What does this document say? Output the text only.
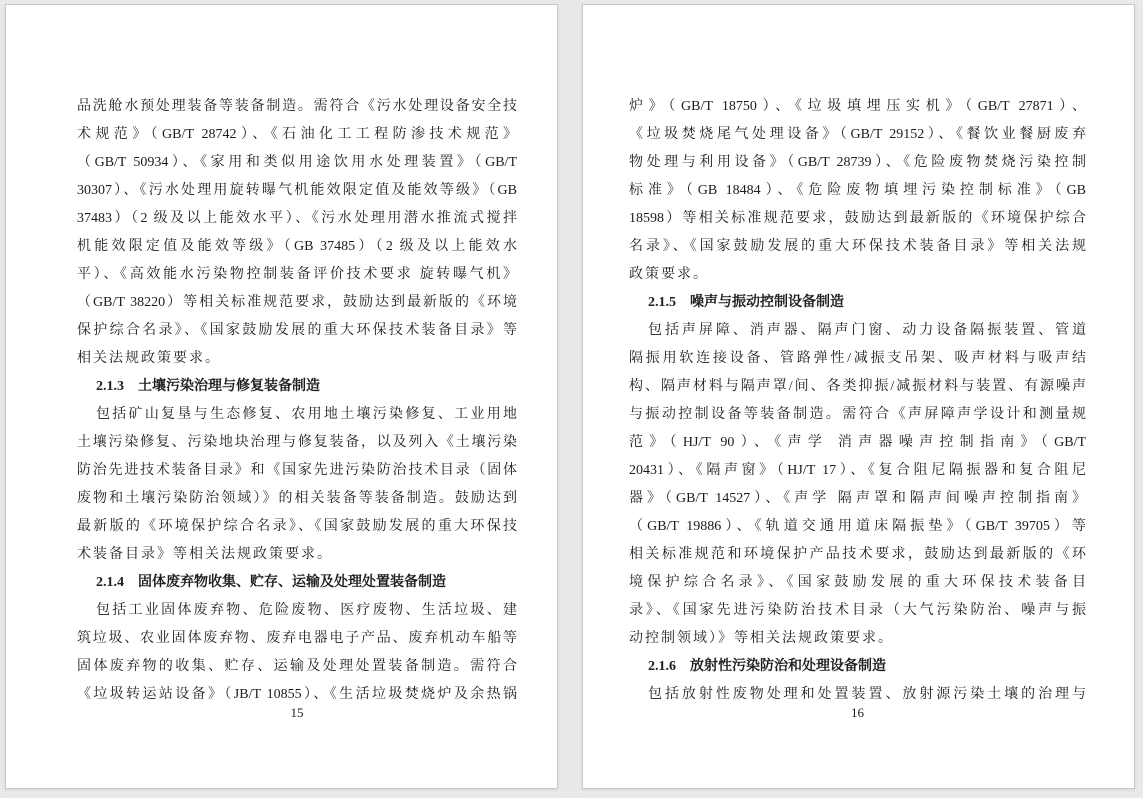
品洗舱水预处理装备等装备制造。需符合《污水处理设备安全技
术规范》（GB/T 28742）、《石油化工工程防渗技术规范》
（GB/T 50934）、《家用和类似用途饮用水处理装置》（GB/T
30307）、《污水处理用旋转曝气机能效限定值及能效等级》（GB
37483）（2 级及以上能效水平）、《污水处理用潜水推流式搅拌
机能效限定值及能效等级》（GB 37485）（2 级及以上能效水
平）、《高效能水污染物控制装备评价技术要求 旋转曝气机》
（GB/T 38220）等相关标准规范要求，鼓励达到最新版的《环境
保护综合名录》、《国家鼓励发展的重大环保技术装备目录》等
相关法规政策要求。
2.1.3 土壤污染治理与修复装备制造
包括矿山复垦与生态修复、农用地土壤污染修复、工业用地
土壤污染修复、污染地块治理与修复装备，以及列入《土壤污染
防治先进技术装备目录》和《国家先进污染防治技术目录（固体
废物和土壤污染防治领域）》的相关装备等装备制造。鼓励达到
最新版的《环境保护综合名录》、《国家鼓励发展的重大环保技
术装备目录》等相关法规政策要求。
2.1.4 固体废弃物收集、贮存、运输及处理处置装备制造
包括工业固体废弃物、危险废物、医疗废物、生活垃圾、建
筑垃圾、农业固体废弃物、废弃电器电子产品、废弃机动车船等
固体废弃物的收集、贮存、运输及处理处置装备制造。需符合
《垃圾转运站设备》（JB/T 10855）、《生活垃圾焚烧炉及余热锅
15
炉》（GB/T 18750）、《垃圾填埋压实机》（GB/T 27871）、
《垃圾焚烧尾气处理设备》（GB/T 29152）、《餐饮业餐厨废弃
物处理与利用设备》（GB/T 28739）、《危险废物焚烧污染控制
标准》（GB 18484）、《危险废物填埋污染控制标准》（GB
18598）等相关标准规范要求，鼓励达到最新版的《环境保护综合
名录》、《国家鼓励发展的重大环保技术装备目录》等相关法规
政策要求。
2.1.5 噪声与振动控制设备制造
包括声屏障、消声器、隔声门窗、动力设备隔振装置、管道
隔振用软连接设备、管路弹性/减振支吊架、吸声材料与吸声结
构、隔声材料与隔声罩/间、各类抑振/减振材料与装置、有源噪声
与振动控制设备等装备制造。需符合《声屏障声学设计和测量规
范》（HJ/T 90）、《声学 消声器噪声控制指南》（GB/T
20431）、《隔声窗》（HJ/T 17）、《复合阻尼隔振器和复合阻尼
器》（GB/T 14527）、《声学 隔声罩和隔声间噪声控制指南》
（GB/T 19886）、《轨道交通用道床隔振垫》（GB/T 39705）等
相关标准规范和环境保护产品技术要求，鼓励达到最新版的《环
境保护综合名录》、《国家鼓励发展的重大环保技术装备目
录》、《国家先进污染防治技术目录（大气污染防治、噪声与振
动控制领域）》等相关法规政策要求。
2.1.6 放射性污染防治和处理设备制造
包括放射性废物处理和处置装置、放射源污染土壤的治理与
16
